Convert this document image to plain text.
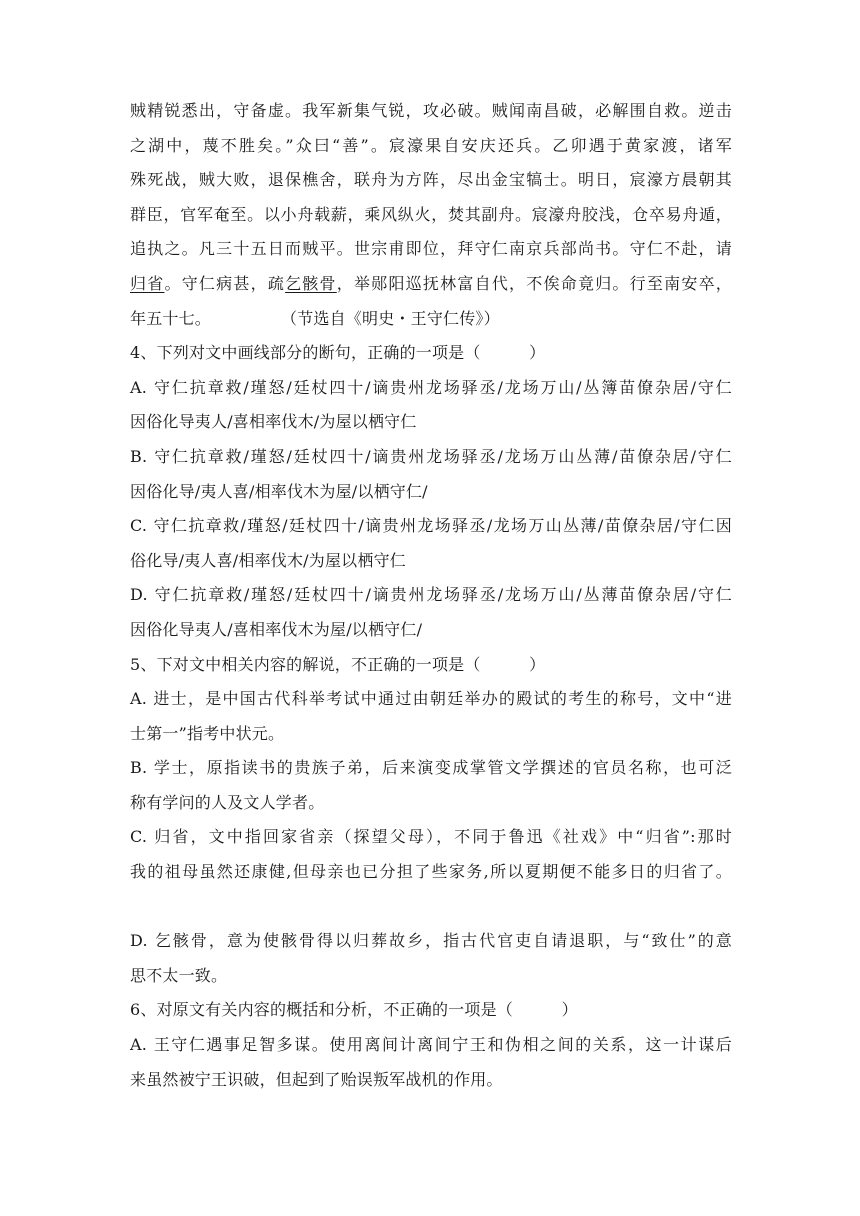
贼精锐悉出，守备虚。我军新集气锐，攻必破。贼闻南昌破，必解围自救。逆击
之湖中，蔑不胜矣。”众曰“善”。宸濠果自安庆还兵。乙卯遇于黄家渡，诸军
殊死战，贼大败，退保樵舍，联舟为方阵，尽出金宝犒士。明日，宸濠方晨朝其
群臣，官军奄至。以小舟载薪，乘风纵火，焚其副舟。宸濠舟胶浅，仓卒易舟遁，
追执之。凡三十五日而贼平。世宗甫即位，拜守仁南京兵部尚书。守仁不赴，请
归省。守仁病甚，疏乞骸骨，举郧阳巡抚林富自代，不俟命竟归。行至南安卒，
年五十七。	（节选自《明史・王守仁传》）
4、下列对文中画线部分的断句，正确的一项是（　　　）
A. 守仁抗章救/瑾怒/廷杖四十/谪贵州龙场驿丞/龙场万山/丛簿苗僚杂居/守仁
因俗化导夷人/喜相率伐木/为屋以栖守仁
B. 守仁抗章救/瑾怒/廷杖四十/谪贵州龙场驿丞/龙场万山丛薄/苗僚杂居/守仁
因俗化导/夷人喜/相率伐木为屋/以栖守仁/
C. 守仁抗章救/瑾怒/廷杖四十/谪贵州龙场驿丞/龙场万山丛薄/苗僚杂居/守仁因
俗化导/夷人喜/相率伐木/为屋以栖守仁
D. 守仁抗章救/瑾怒/廷杖四十/谪贵州龙场驿丞/龙场万山/丛薄苗僚杂居/守仁
因俗化导夷人/喜相率伐木为屋/以栖守仁/
5、下对文中相关内容的解说，不正确的一项是（　　　）
A. 进士，是中国古代科举考试中通过由朝廷举办的殿试的考生的称号，文中“进
士第一”指考中状元。
B. 学士，原指读书的贵族子弟，后来演变成掌管文学撰述的官员名称，也可泛
称有学问的人及文人学者。
C. 归省，文中指回家省亲（探望父母），不同于鲁迅《社戏》中“归省”:那时
我的祖母虽然还康健,但母亲也已分担了些家务,所以夏期便不能多日的归省了。
D. 乞骸骨，意为使骸骨得以归葬故乡，指古代官吏自请退职，与“致仕”的意
思不太一致。
6、对原文有关内容的概括和分析，不正确的一项是（　　　）
A. 王守仁遇事足智多谋。使用离间计离间宁王和伪相之间的关系，这一计谋后
来虽然被宁王识破，但起到了贻误叛军战机的作用。
